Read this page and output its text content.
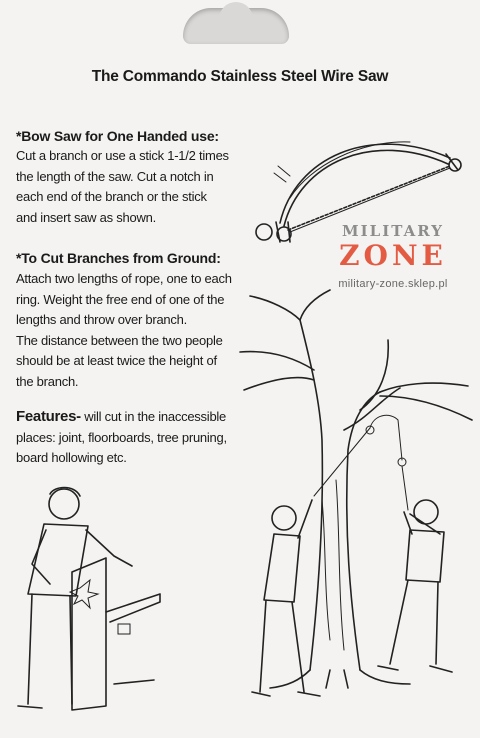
The Commando Stainless Steel Wire Saw
*Bow Saw for One Handed use:
Cut a branch or use a stick 1-1/2 times
the length of the saw. Cut a notch in
each end of the branch or the stick
and insert saw as shown.
*To Cut Branches from Ground:
Attach two lengths of rope, one to each
ring. Weight the free end of one of the
lengths and throw over branch.
The distance between the two people
should be at least twice the height of
the branch.
Features- will cut in the inaccessible
places: joint, floorboards, tree pruning,
board hollowing etc.
MILITARY
ZONE
military-zone.sklep.pl
